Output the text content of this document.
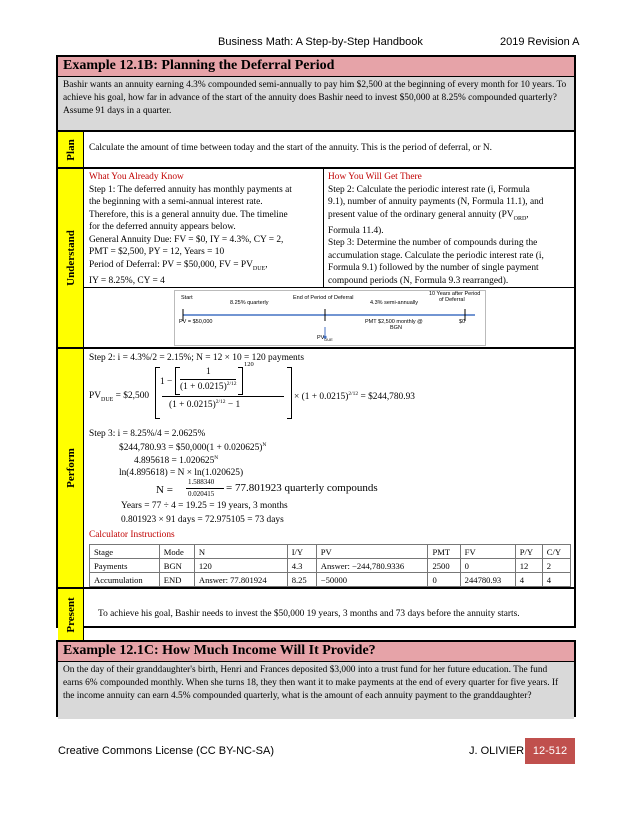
Business Math: A Step-by-Step Handbook	2019 Revision A
Example 12.1B: Planning the Deferral Period
Bashir wants an annuity earning 4.3% compounded semi-annually to pay him $2,500 at the beginning of every month for 10 years. To achieve his goal, how far in advance of the start of the annuity does Bashir need to invest $50,000 at 8.25% compounded quarterly? Assume 91 days in a quarter.
Plan	Calculate the amount of time between today and the start of the annuity. This is the period of deferral, or N.
Understand
What You Already Know
Step 1: The deferred annuity has monthly payments at
the beginning with a semi-annual interest rate.
Therefore, this is a general annuity due. The timeline
for the deferred annuity appears below.
General Annuity Due: FV = $0, IY = 4.3%, CY = 2,
PMT = $2,500, PY = 12, Years = 10
Period of Deferral: PV = $50,000, FV = $PV_{DUE}$,
IY = 8.25%, CY = 4
How You Will Get There
Step 2: Calculate the periodic interest rate (i, Formula
9.1), number of annuity payments (N, Formula 11.1), and
present value of the ordinary general annuity ($PV_{ORD}$,
Formula 11.4).
Step 3: Determine the number of compounds during the
accumulation stage. Calculate the periodic interest rate (i,
Formula 9.1) followed by the number of single payment
compound periods (N, Formula 9.3 rearranged).
Start
8.25% quarterly
End of Period of Deferral
4.3% semi-annually
10 Years after Period
of Deferral
PV = $50,000	PMT $2,500 monthly @
BGN
$0
$PV_{DUE}$
Perform
Step 2: i = 4.3%/2 = 2.15%; N = 12 × 10 = 120 payments
$PV_{DUE}$ = $2,500
1 −
1
$(1 + 0.0215)^{2/12}$
120
$(1 + 0.0215)^{2/12} - 1$
× $(1 + 0.0215)^{2/12}$ = $244,780.93
Step 3: i = 8.25%/4 = 2.0625%
$244,780.93 = $50,000(1 + 0.020625)$^N$
$4.895618 = 1.020625^N$
ln(4.895618) = N × ln(1.020625)
N =
1.588340
0.020415 = 77.801923 quarterly compounds
Years = 77 ÷ 4 = 19.25 = 19 years, 3 months
0.801923 × 91 days = 72.975105 = 73 days
Calculator Instructions
Stage	Mode	N	I/Y	PV	PMT	FV	P/Y	C/Y
Payments	BGN	120	4.3	Answer: −244,780.9336	2500	0	12	2
Accumulation	END	Answer: 77.801924	8.25	−50000	0	244780.93	4	4
Present	To achieve his goal, Bashir needs to invest the $50,000 19 years, 3 months and 73 days before the annuity starts.
Example 12.1C: How Much Income Will It Provide?
On the day of their granddaughter's birth, Henri and Frances deposited $3,000 into a trust fund for her future education. The fund earns 6% compounded monthly. When she turns 18, they then want it to make payments at the end of every quarter for five years. If the income annuity can earn 4.5% compounded quarterly, what is the amount of each annuity payment to the granddaughter?
Creative Commons License (CC BY-NC-SA)	J. OLIVIER 12-512
